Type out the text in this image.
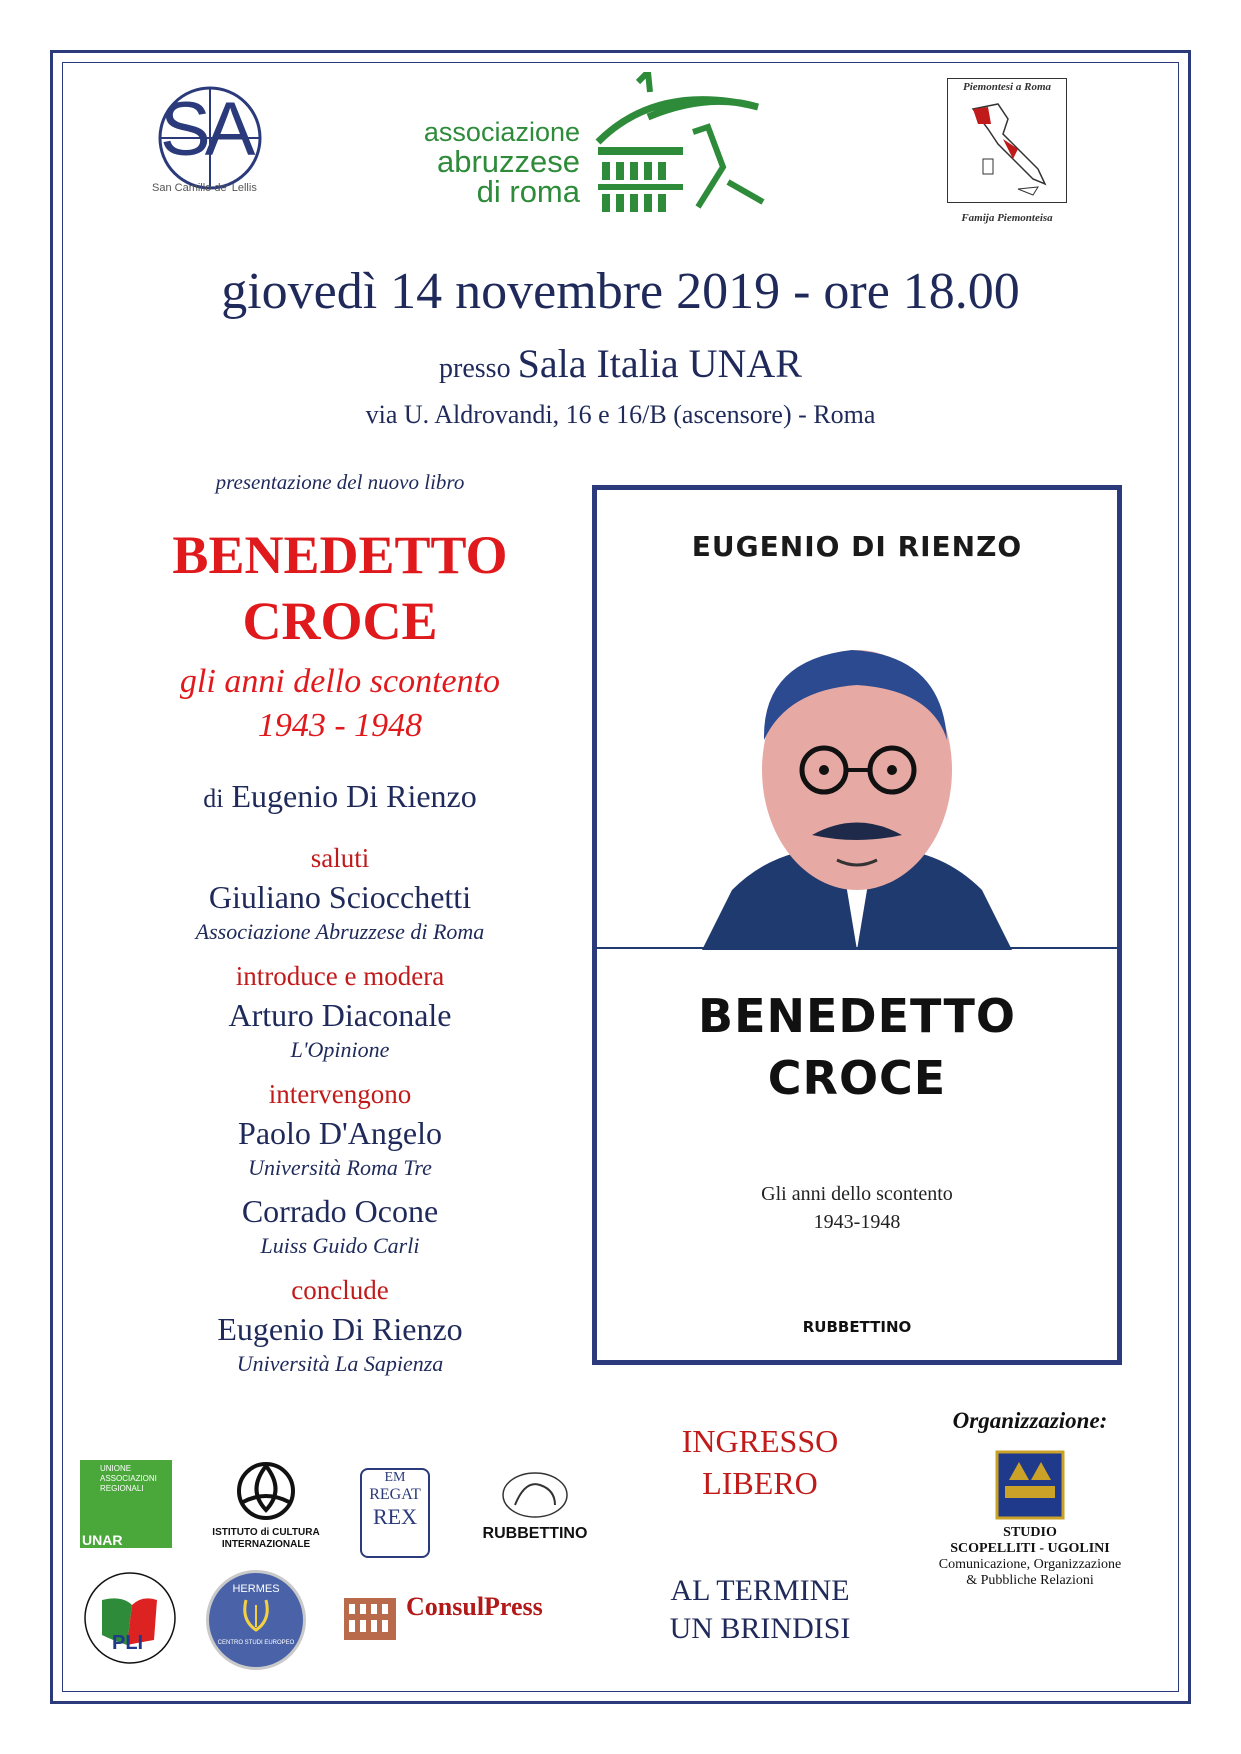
SA
San Camillo de' Lellis
associazione
abruzzese
di roma
Piemontesi a Roma
Famija Piemonteisa
giovedì 14 novembre 2019 - ore 18.00
presso Sala Italia UNAR
via U. Aldrovandi, 16 e 16/B (ascensore) - Roma
presentazione del nuovo libro
BENEDETTO
CROCE
gli anni dello scontento
1943 - 1948
di Eugenio Di Rienzo
saluti
Giuliano Sciocchetti
Associazione Abruzzese di Roma
introduce e modera
Arturo Diaconale
L'Opinione
intervengono
Paolo D'Angelo
Università Roma Tre
Corrado Ocone
Luiss Guido Carli
conclude
Eugenio Di Rienzo
Università La Sapienza
EUGENIO DI RIENZO
BENEDETTO
CROCE
Gli anni dello scontento
1943-1948
RUBBETTINO
INGRESSO
LIBERO
AL TERMINE
UN BRINDISI
Organizzazione:
STUDIO
SCOPELLITI - UGOLINI
Comunicazione, Organizzazione
& Pubbliche Relazioni
UNAR
UNIONE
ASSOCIAZIONI
REGIONALI
ISTITUTO di CULTURA
INTERNAZIONALE
EM
REGAT
REX
RUBBETTINO
PLI
HERMES
CENTRO STUDI EUROPEO
ConsulPress
